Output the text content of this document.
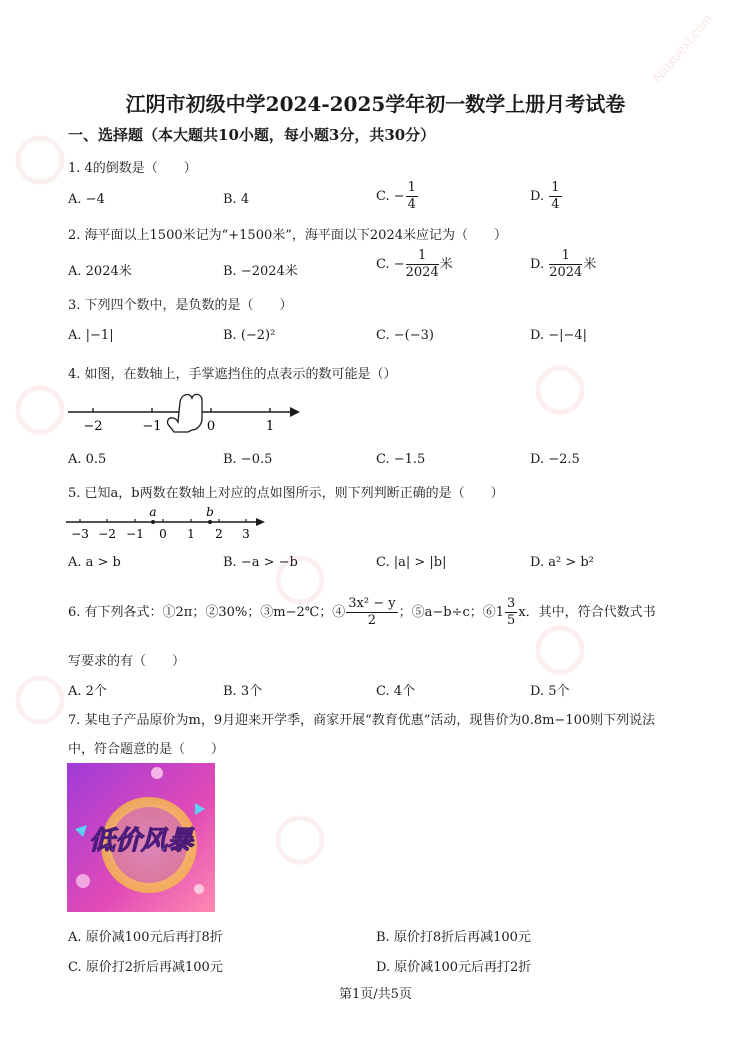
江阴市初级中学2024-2025学年初一数学上册月考试卷
一、选择题（本大题共10小题，每小题3分，共30分）
1. 4的倒数是（　　）
A. −4	B. 4	C. − $\frac{1}{4}$	D. $\frac{1}{4}$
2. 海平面以上1500米记为“+1500米”，海平面以下2024米应记为（　　）
A. 2024米	B. −2024米	C. − $\frac{1}{2024}$ 米	D. $\frac{1}{2024}$ 米
3. 下列四个数中，是负数的是（　　）
A. |−1|	B. (−2)²	C. −(−3)	D. −|−4|
4. 如图，在数轴上，手掌遮挡住的点表示的数可能是（）
−2	−1	0	1
A. 0.5	B. −0.5	C. −1.5	D. −2.5
5. 已知a，b两数在数轴上对应的点如图所示，则下列判断正确的是（　　）
a	b
−3 −2 −1 0 1 2 3
A. a > b	B. −a > −b	C. |a| > |b|	D. a² > b²
6. 有下列各式：①2π；②30%；③m−2℃；④ $\frac{\text{3x² − y}}{2}$ ；⑤a−b÷c；⑥1 $\frac{3}{5}$ x．其中，符合代数式书
写要求的有（　　）
A. 2个	B. 3个	C. 4个	D. 5个
7. 某电子产品原价为m，9月迎来开学季，商家开展“教育优惠”活动，现售价为0.8m−100则下列说法
中，符合题意的是（　　）
低价风暴
A. 原价减100元后再打8折	B. 原价打8折后再减100元
C. 原价打2折后再减100元	D. 原价减100元后再打2折
第1页/共5页
Niuxuexi.com
